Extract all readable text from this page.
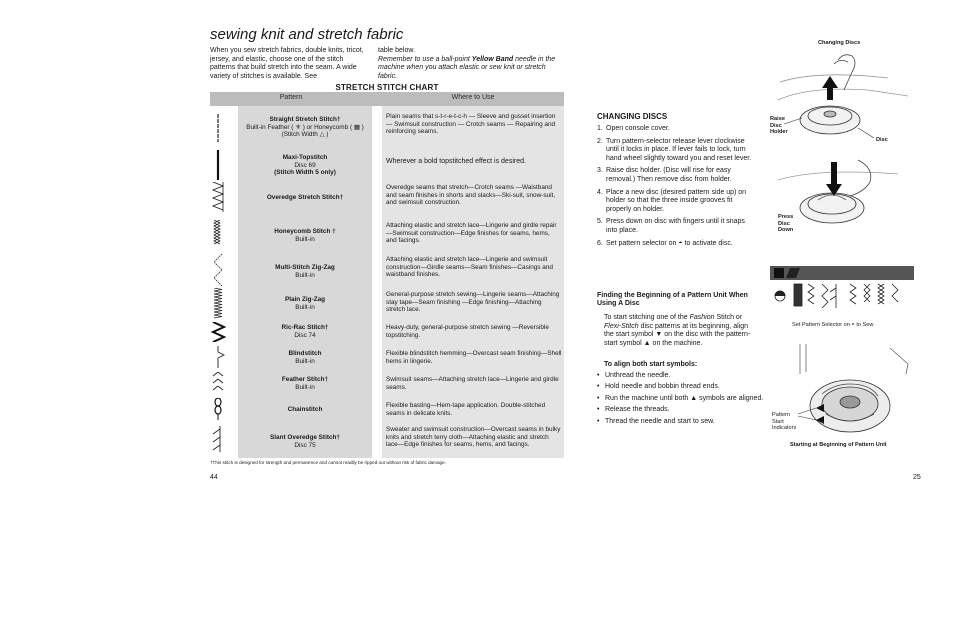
sewing knit and stretch fabric
When you sew stretch fabrics, double knits, tricot, jersey, and elastic, choose one of the stitch patterns that build stretch into the seam. A wide variety of stitches is available. See
table below.
Remember to use a ball-point Yellow Band needle in the machine when you attach elastic or sew knit or stretch fabric.
STRETCH STITCH CHART
Pattern	Where to Use
Straight Stretch Stitch†
Built-in Feather ( ⚜ ) or Honeycomb ( ▦ )
(Stitch Width △ )
Plain seams that s-t-r-e-t-c-h — Sleeve and gusset insertion — Swimsuit construction — Crotch seams — Repairing and reinforcing seams.
Maxi-Topstitch
Disc 69
(Stitch Width 5 only)
Wherever a bold topstitched effect is desired.
Overedge Stretch Stitch†
Overedge seams that stretch—Crotch seams —Waistband and seam finishes in shorts and slacks—Ski-suit, snow-suit, and swimsuit construction.
Honeycomb Stitch †
Built-in
Attaching elastic and stretch lace—Lingerie and girdle repair—Swimsuit construction—Edge finishes for seams, hems, and facings.
Multi-Stitch Zig-Zag
Built-in
Attaching elastic and stretch lace—Lingerie and swimsuit construction—Girdle seams—Seam finishes—Casings and waistband finishes.
Plain Zig-Zag
Built-in
General-purpose stretch sewing—Lingerie seams—Attaching stay tape—Seam finishing —Edge finishing—Attaching stretch lace.
Ric-Rac Stitch†
Disc 74
Heavy-duty, general-purpose stretch sewing —Reversible topstitching.
Blindstitch
Built-in
Flexible blindstitch hemming—Overcast seam finishing—Shell hems in lingerie.
Feather Stitch†
Built-in
Swimsuit seams—Attaching stretch lace—Lingerie and girdle seams.
Chainstitch
Flexible basting—Hem-tape application. Double-stitched seams in delicate knits.
Slant Overedge Stitch†
Disc 75
Sweater and swimsuit construction—Overcast seams in bulky knits and stretch terry cloth—Attaching elastic and stretch lace—Edge finishes for seams, hems, and facings.
†This stitch is designed for strength and permanence and cannot readily be ripped out without risk of fabric damage.
44
CHANGING DISCS
1. Open console cover.
2. Turn pattern-selector release lever clockwise until it locks in place. If lever fails to lock, turn hand wheel slightly toward you and reset lever.
3. Raise disc holder. (Disc will rise for easy removal.) Then remove disc from holder.
4. Place a new disc (desired pattern side up) on holder so that the three inside grooves fit properly on holder.
5. Press down on disc with fingers until it snaps into place.
6. Set pattern selector on ◓ to activate disc.
Finding the Beginning of a Pattern Unit When Using A Disc
To start stitching one of the Fashion Stitch or Flexi-Stitch disc patterns at its beginning, align the start symbol ▼ on the disc with the pattern-start symbol ▲ on the machine.
To align both start symbols:
• Unthread the needle.
• Hold needle and bobbin thread ends.
• Run the machine until both ▲ symbols are aligned.
• Release the threads.
• Thread the needle and start to sew.
Changing Discs
Raise
Disc
Holder
Disc
Press
Disc
Down
Set Pattern Selector on ◓ to Sew
Pattern
Start
Indicators
Starting at Beginning of Pattern Unit
25
